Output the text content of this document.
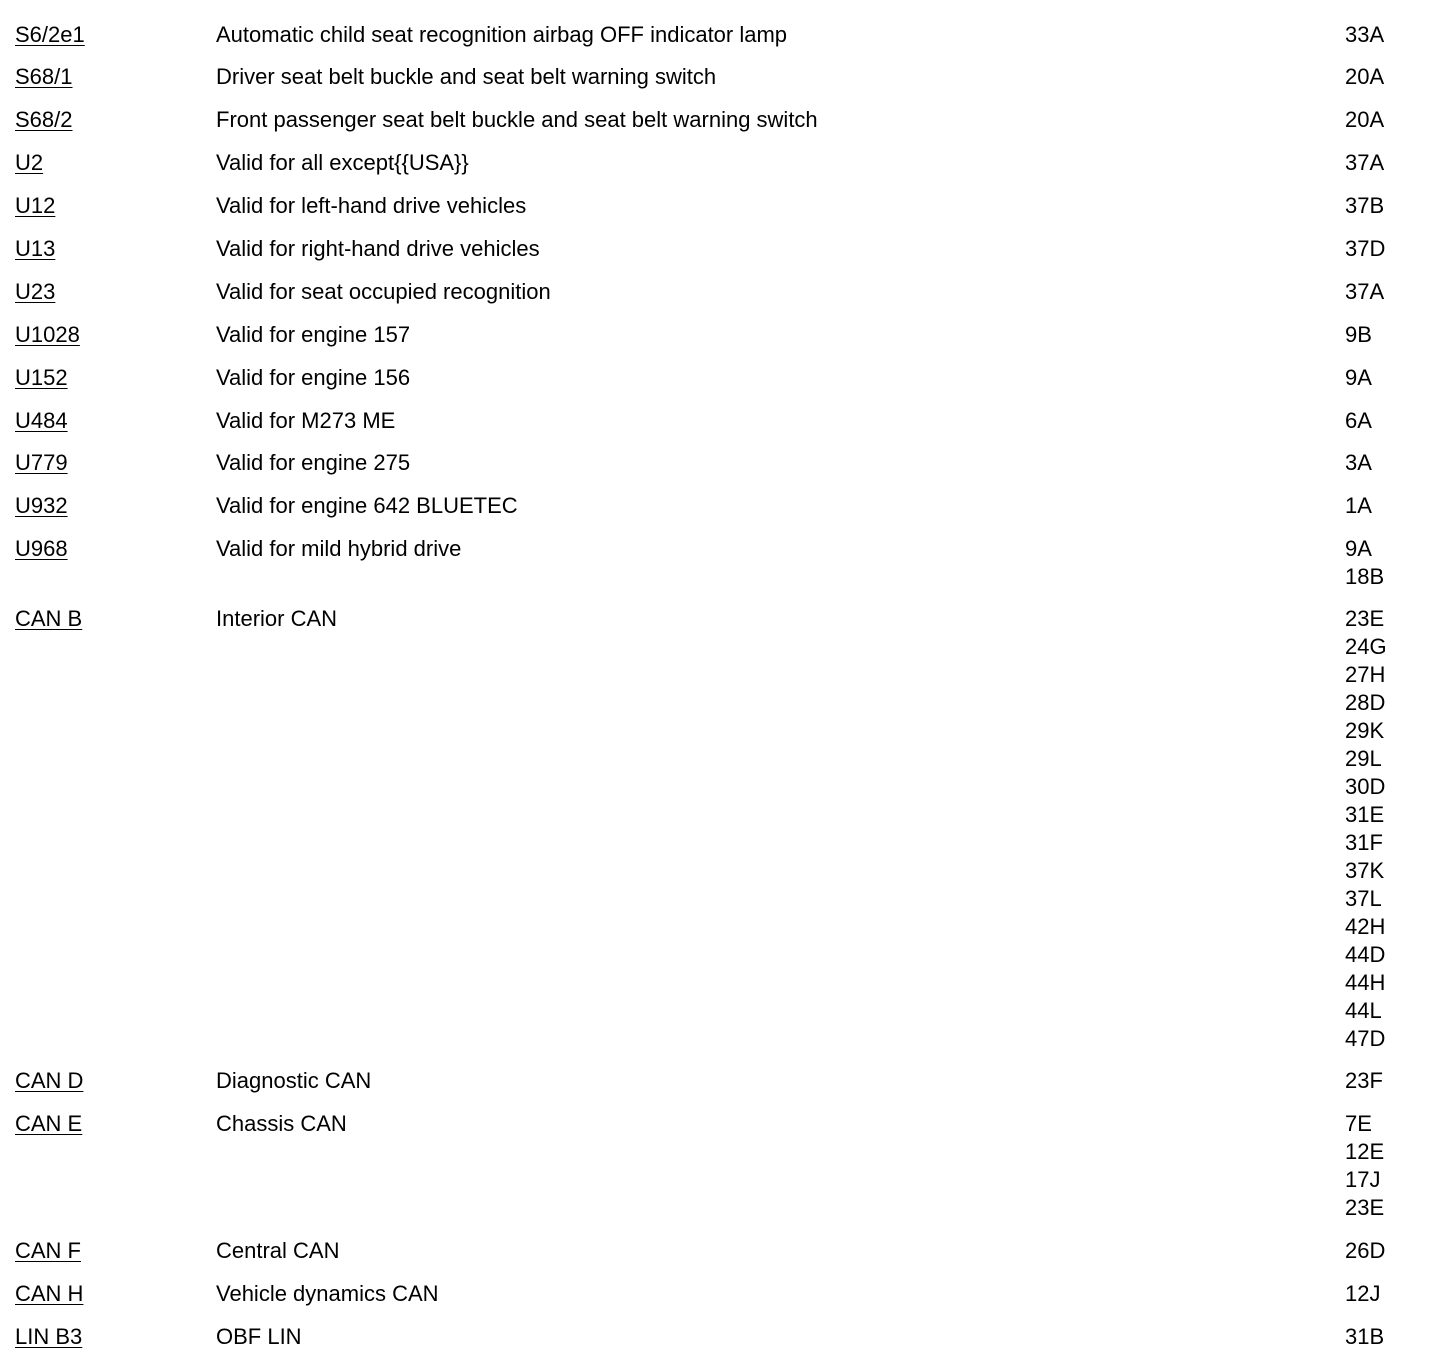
S6/2e1	Automatic child seat recognition airbag OFF indicator lamp	33A
S68/1	Driver seat belt buckle and seat belt warning switch	20A
S68/2	Front passenger seat belt buckle and seat belt warning switch	20A
U2	Valid for all except{{USA}}	37A
U12	Valid for left-hand drive vehicles	37B
U13	Valid for right-hand drive vehicles	37D
U23	Valid for seat occupied recognition	37A
U1028	Valid for engine 157	9B
U152	Valid for engine 156	9A
U484	Valid for M273 ME	6A
U779	Valid for engine 275	3A
U932	Valid for engine 642 BLUETEC	1A
U968	Valid for mild hybrid drive	9A
18B
CAN B	Interior CAN	23E
24G
27H
28D
29K
29L
30D
31E
31F
37K
37L
42H
44D
44H
44L
47D
CAN D	Diagnostic CAN	23F
CAN E	Chassis CAN	7E
12E
17J
23E
CAN F	Central CAN	26D
CAN H	Vehicle dynamics CAN	12J
LIN B3	OBF LIN	31B
